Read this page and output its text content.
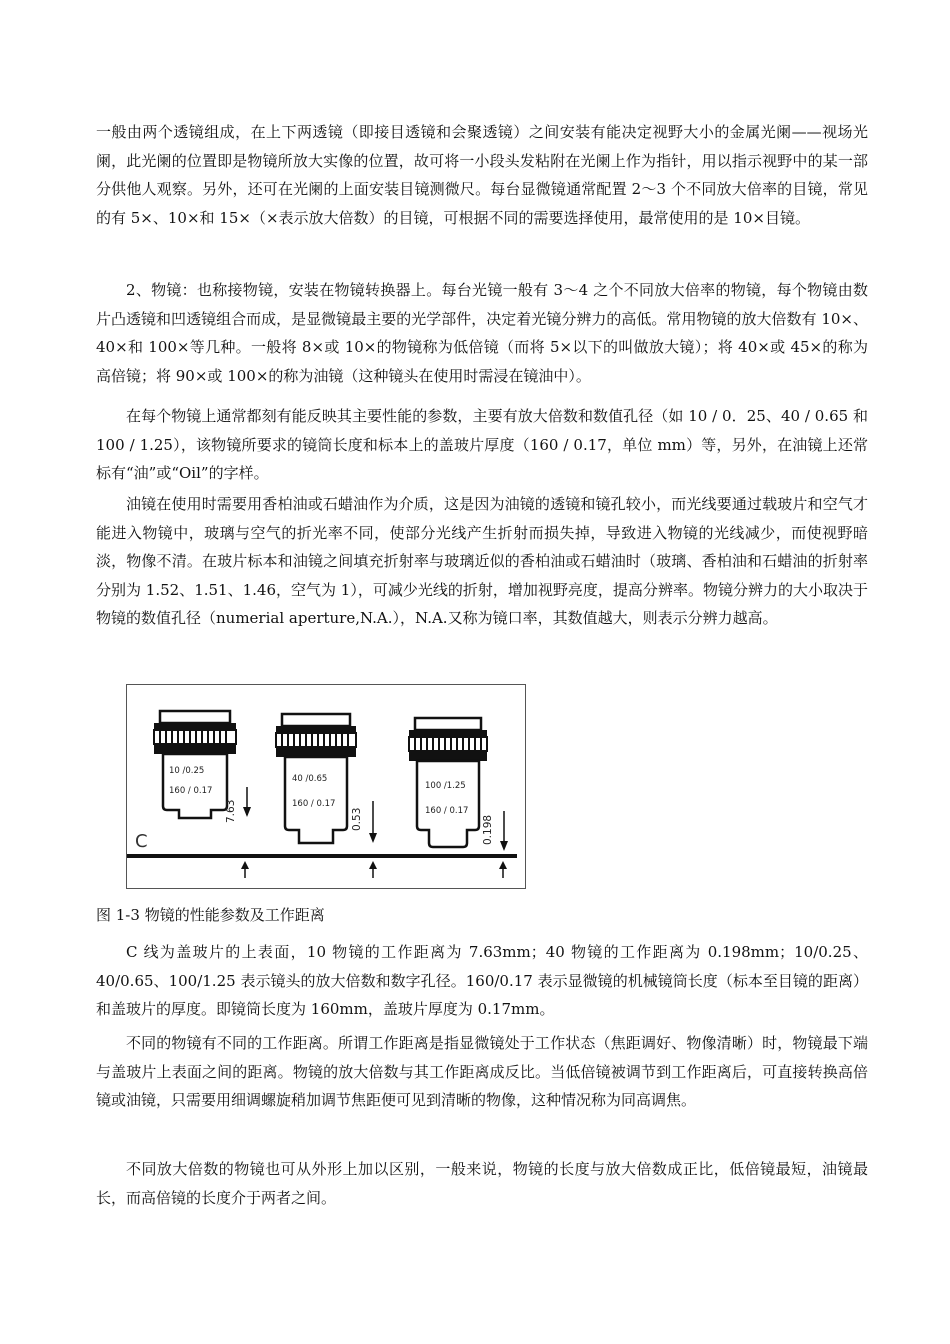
一般由两个透镜组成，在上下两透镜（即接目透镜和会聚透镜）之间安装有能决定视野大小的金属光阑——视场光阑，此光阑的位置即是物镜所放大实像的位置，故可将一小段头发粘附在光阑上作为指针，用以指示视野中的某一部分供他人观察。另外，还可在光阑的上面安装目镜测微尺。每台显微镜通常配置 2～3 个不同放大倍率的目镜，常见的有 5×、10×和 15×（×表示放大倍数）的目镜，可根据不同的需要选择使用，最常使用的是 10×目镜。

2、物镜：也称接物镜，安装在物镜转换器上。每台光镜一般有 3～4 之个不同放大倍率的物镜，每个物镜由数片凸透镜和凹透镜组合而成，是显微镜最主要的光学部件，决定着光镜分辨力的高低。常用物镜的放大倍数有 10×、40×和 100×等几种。一般将 8×或 10×的物镜称为低倍镜（而将 5×以下的叫做放大镜）；将 40×或 45×的称为高倍镜；将 90×或 100×的称为油镜（这种镜头在使用时需浸在镜油中）。

在每个物镜上通常都刻有能反映其主要性能的参数，主要有放大倍数和数值孔径（如 10 / 0．25、40 / 0.65 和 100 / 1.25），该物镜所要求的镜筒长度和标本上的盖玻片厚度（160 / 0.17，单位 mm）等，另外，在油镜上还常标有“油”或“Oil”的字样。

油镜在使用时需要用香柏油或石蜡油作为介质，这是因为油镜的透镜和镜孔较小，而光线要通过载玻片和空气才能进入物镜中，玻璃与空气的折光率不同，使部分光线产生折射而损失掉，导致进入物镜的光线减少，而使视野暗淡，物像不清。在玻片标本和油镜之间填充折射率与玻璃近似的香柏油或石蜡油时（玻璃、香柏油和石蜡油的折射率分别为 1.52、1.51、1.46，空气为 1），可减少光线的折射，增加视野亮度，提高分辨率。物镜分辨力的大小取决于物镜的数值孔径（numerial aperture,N.A.），N.A.又称为镜口率，其数值越大，则表示分辨力越高。

C
10 /0.25
160 / 0.17
7.63
40 /0.65
160 / 0.17
0.53
100 /1.25
160 / 0.17
0.198

图 1-3 物镜的性能参数及工作距离

C 线为盖玻片的上表面，10 物镜的工作距离为 7.63mm；40 物镜的工作距离为 0.198mm；10/0.25、40/0.65、100/1.25 表示镜头的放大倍数和数字孔径。160/0.17 表示显微镜的机械镜筒长度（标本至目镜的距离）和盖玻片的厚度。即镜筒长度为 160mm，盖玻片厚度为 0.17mm。

不同的物镜有不同的工作距离。所谓工作距离是指显微镜处于工作状态（焦距调好、物像清晰）时，物镜最下端与盖玻片上表面之间的距离。物镜的放大倍数与其工作距离成反比。当低倍镜被调节到工作距离后，可直接转换高倍镜或油镜，只需要用细调螺旋稍加调节焦距便可见到清晰的物像，这种情况称为同高调焦。

不同放大倍数的物镜也可从外形上加以区别，一般来说，物镜的长度与放大倍数成正比，低倍镜最短，油镜最长，而高倍镜的长度介于两者之间。
